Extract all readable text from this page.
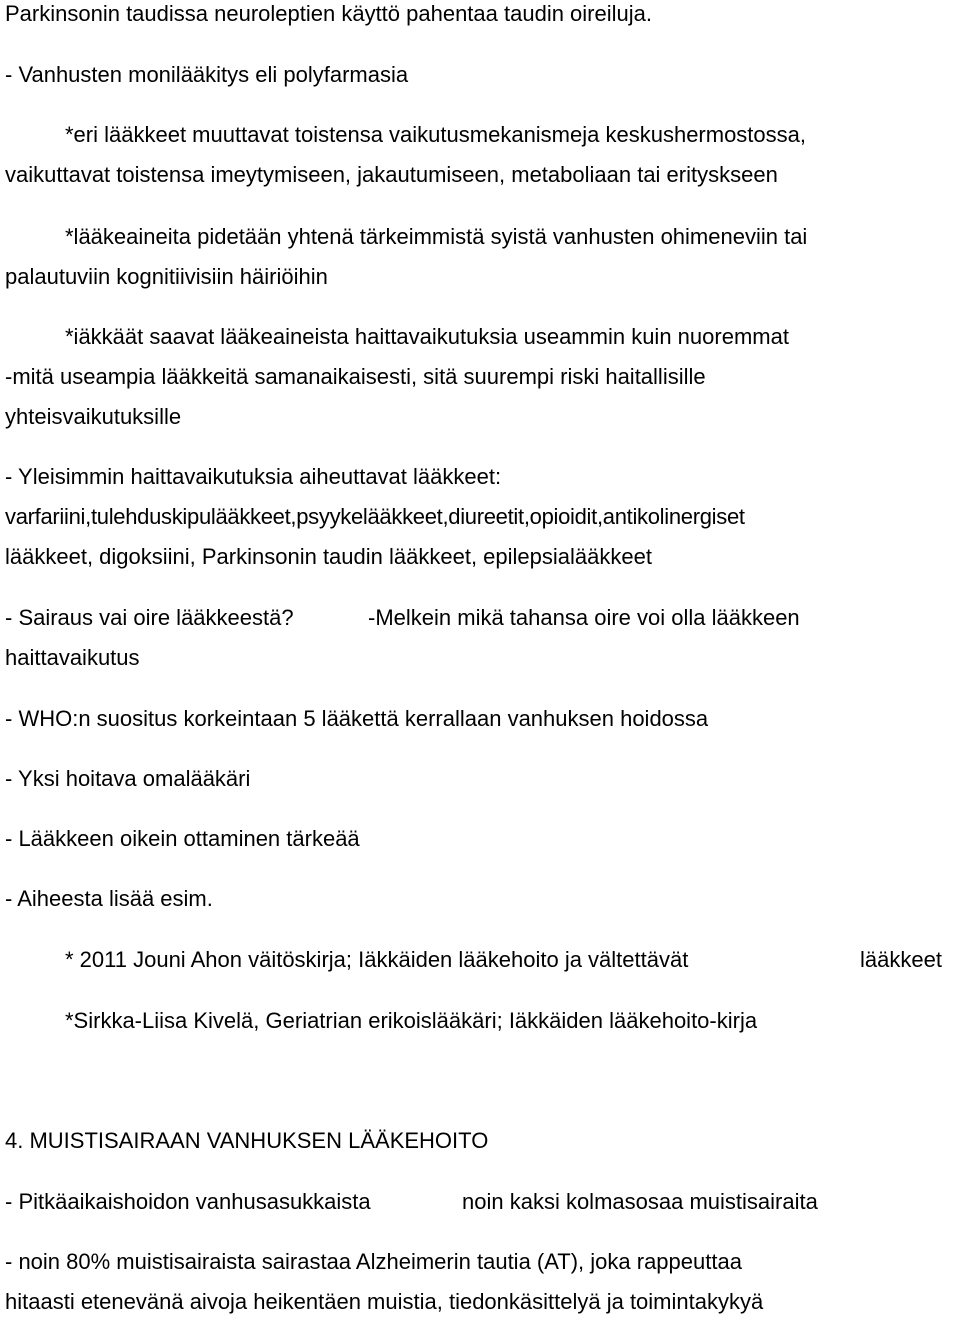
Parkinsonin taudissa neuroleptien käyttö pahentaa taudin oireiluja.
- Vanhusten monilääkitys eli polyfarmasia
*eri lääkkeet muuttavat toistensa vaikutusmekanismeja keskushermostossa,
vaikuttavat toistensa imeytymiseen, jakautumiseen, metaboliaan tai erityskseen
*lääkeaineita pidetään yhtenä tärkeimmistä syistä vanhusten ohimeneviin tai
palautuviin kognitiivisiin häiriöihin
*iäkkäät saavat lääkeaineista haittavaikutuksia useammin kuin nuoremmat
-mitä useampia lääkkeitä samanaikaisesti, sitä suurempi riski haitallisille
yhteisvaikutuksille
- Yleisimmin haittavaikutuksia aiheuttavat lääkkeet:
varfariini,tulehduskipulääkkeet,psyykelääkkeet,diureetit,opioidit,antikolinergiset
lääkkeet, digoksiini, Parkinsonin taudin lääkkeet, epilepsialääkkeet
- Sairaus vai oire lääkkeestä?	-Melkein mikä tahansa oire voi olla lääkkeen
haittavaikutus
- WHO:n suositus korkeintaan 5 lääkettä kerrallaan vanhuksen hoidossa
- Yksi hoitava omalääkäri
- Lääkkeen oikein ottaminen tärkeää
- Aiheesta lisää esim.
* 2011 Jouni Ahon väitöskirja; Iäkkäiden lääkehoito ja vältettävät	lääkkeet
*Sirkka-Liisa Kivelä, Geriatrian erikoislääkäri; Iäkkäiden lääkehoito-kirja
4. MUISTISAIRAAN VANHUKSEN LÄÄKEHOITO
- Pitkäaikaishoidon vanhusasukkaista	noin kaksi kolmasosaa muistisairaita
- noin 80% muistisairaista sairastaa Alzheimerin tautia (AT), joka rappeuttaa
hitaasti etenevänä aivoja heikentäen muistia, tiedonkäsittelyä ja toimintakykyä
